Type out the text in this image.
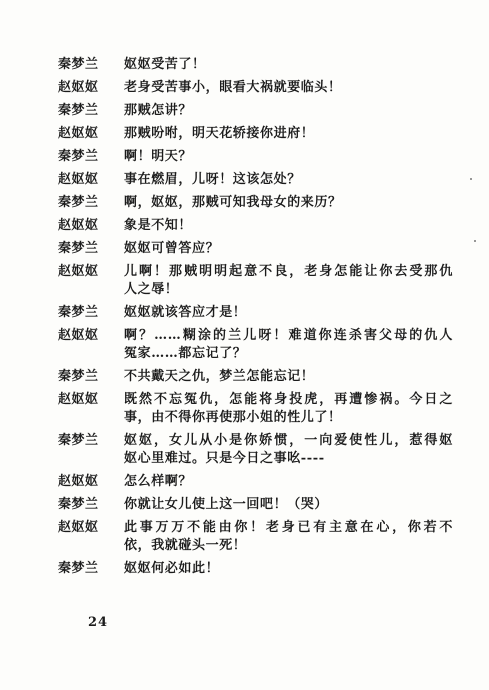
秦梦兰	妪妪受苦了！
赵妪妪	老身受苦事小，眼看大祸就要临头！
秦梦兰	那贼怎讲？
赵妪妪	那贼吩咐，明天花轿接你进府！
秦梦兰	啊！明天？
赵妪妪	事在燃眉，儿呀！这该怎处？
秦梦兰	啊，妪妪，那贼可知我母女的来历？
赵妪妪	象是不知！
秦梦兰	妪妪可曾答应？
赵妪妪	儿啊！那贼明明起意不良，老身怎能让你去受那仇
人之辱！
秦梦兰	妪妪就该答应才是！
赵妪妪	啊？……糊涂的兰儿呀！难道你连杀害父母的仇人
冤家……都忘记了？
秦梦兰	不共戴天之仇，梦兰怎能忘记！
赵妪妪	既然不忘冤仇，怎能将身投虎，再遭惨祸。今日之
事，由不得你再使那小姐的性儿了！
秦梦兰	妪妪，女儿从小是你娇惯，一向爱使性儿，惹得妪
妪心里难过。只是今日之事吆----
赵妪妪	怎么样啊？
秦梦兰	你就让女儿使上这一回吧！（哭）
赵妪妪	此事万万不能由你！老身已有主意在心，你若不
依，我就碰头一死！
秦梦兰	妪妪何必如此！
24
